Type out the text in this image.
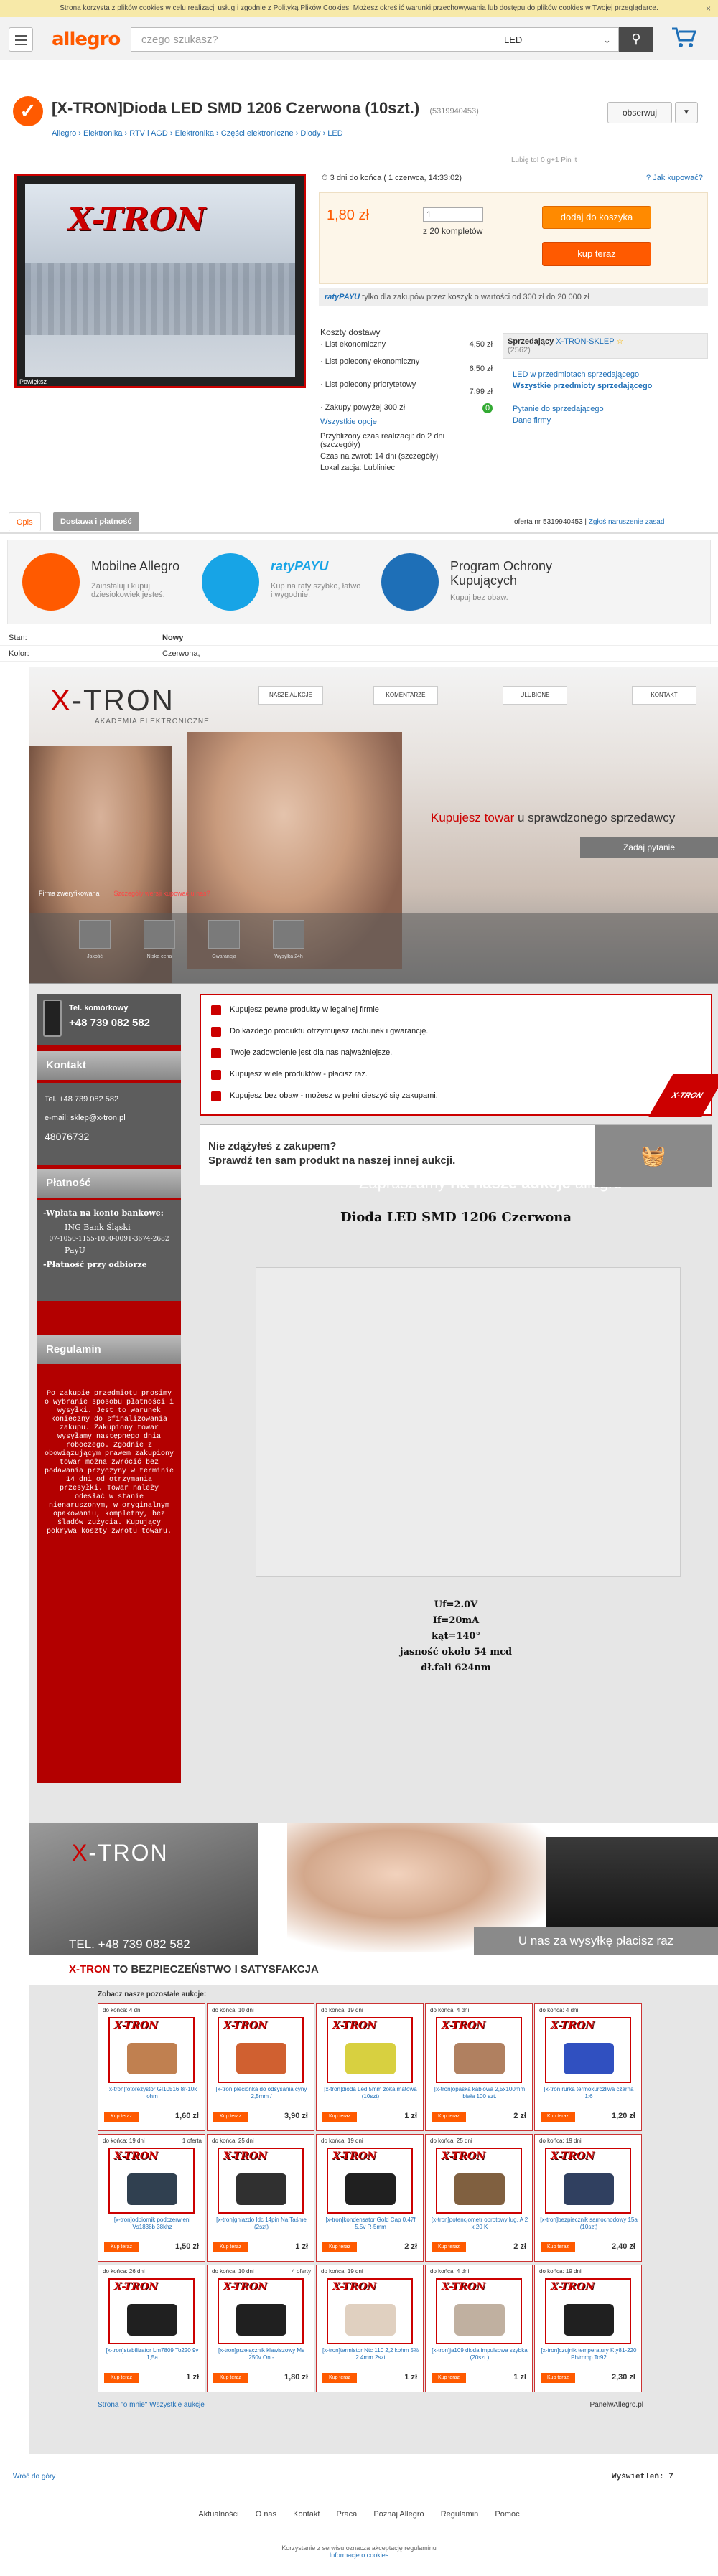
Strona korzysta z plików cookies w celu realizacji usług i zgodnie z Polityką Plików Cookies. Możesz określić warunki przechowywania lub dostępu do plików cookies w Twojej przeglądarce.	×
allegro	czego szukasz?	LED	⌄	⚲
✓ [X-TRON]Dioda LED SMD 1206 Czerwona (10szt.) (5319940453)
Allegro › Elektronika › RTV i AGD › Elektronika › Części elektroniczne › Diody › LED
obserwuj	▼
X-TRON
Powiększ
Lubię to! 0 g+1 Pin it
⏱ 3 dni do końca ( 1 czerwca, 14:33:02)	? Jak kupować?
1,80 zł	1
z 20 kompletów
dodaj do koszyka
kup teraz
ratyPAYU tylko dla zakupów przez koszyk o wartości od 300 zł do 20 000 zł
Koszty dostawy
· List ekonomiczny	4,50 zł
· List polecony ekonomiczny
6,50 zł
· List polecony priorytetowy
7,99 zł
· Zakupy powyżej 300 zł	0
Wszystkie opcje
Przybliżony czas realizacji: do 2 dni (szczegóły)
Czas na zwrot: 14 dni (szczegóły)
Lokalizacja: Lubliniec
Sprzedający X-TRON-SKLEP ☆
(2562)
LED w przedmiotach sprzedającego
Wszystkie przedmioty sprzedającego
Pytanie do sprzedającego
Dane firmy
Opis	Dostawa i płatność	oferta nr 5319940453 | Zgłoś naruszenie zasad
Mobilne Allegro
Zainstaluj i kupuj dziesiokowiek jesteś.
ratyPAYU
Kup na raty szybko, łatwo i wygodnie.
Program Ochrony Kupujących
Kupuj bez obaw.
Stan:	Nowy
Kolor:	Czerwona,
X-TRON
AKADEMIA ELEKTRONICZNE
NASZE AUKCJE	KOMENTARZE	ULUBIONE	KONTAKT
Kupujesz towar u sprawdzonego sprzedawcy
Zadaj pytanie
Firma zweryfikowana Szczegóły wersji kupować u nas?
Jakość	Niska cena	Gwarancja	Wysyłka 24h
Tel. komórkowy
+48 739 082 582
Kontakt
Tel. +48 739 082 582
e-mail: sklep@x-tron.pl
48076732
Płatność
-Wpłata na konto bankowe:
ING Bank Śląski
07-1050-1155-1000-0091-3674-2682
PayU
-Płatność przy odbiorze
Regulamin
Po zakupie przedmiotu prosimy o wybranie sposobu płatności i wysyłki. Jest to warunek konieczny do sfinalizowania zakupu. Zakupiony towar wysyłamy następnego dnia roboczego. Zgodnie z obowiązującym prawem zakupiony towar można zwrócić bez podawania przyczyny w terminie 14 dni od otrzymania przesyłki. Towar należy odesłać w stanie nienaruszonym, w oryginalnym opakowaniu, kompletny, bez śladów zużycia. Kupujący pokrywa koszty zwrotu towaru.
Kupujesz pewne produkty w legalnej firmie
Do każdego produktu otrzymujesz rachunek i gwarancję.
Twoje zadowolenie jest dla nas najważniejsze.
Kupujesz wiele produktów - płacisz raz.
Kupujesz bez obaw - możesz w pełni cieszyć się zakupami.	X-TRON
Nie zdążyłeś z zakupem?
Sprawdź ten sam produkt na naszej innej aukcji.	🧺
Dioda LED SMD 1206 Czerwona
Uf=2.0V
If=20mA
kąt=140°
jasność około 54 mcd
dł.fali 624nm
X-TRON
TEL. +48 739 082 582	U nas za wysyłkę płacisz raz
X-TRON TO BEZPIECZEŃSTWO I SATYSFAKCJA
Zobacz nasze pozostałe aukcje:
do końca: 4 dni
X-TRON
[x-tron]fotorezystor GI10516 8r-10k ohm
Kup teraz	1,60 zł
do końca: 10 dni
X-TRON
[x-tron]plecionka do odsysania cyny 2,5mm /
Kup teraz	3,90 zł
do końca: 19 dni
X-TRON
[x-tron]dioda Led 5mm żółta matowa (10szt)
Kup teraz	1 zł
do końca: 4 dni
X-TRON
[x-tron]opaska kablowa 2,5x100mm biała 100 szt.
Kup teraz	2 zł
do końca: 4 dni
X-TRON
[x-tron]rurka termokurczliwa czarna 1:6
Kup teraz	1,20 zł
do końca: 19 dni	1 oferta
X-TRON
[x-tron]odbiornik podczerwieni Vs1838b 38khz
Kup teraz	1,50 zł
do końca: 25 dni
X-TRON
[x-tron]gniazdo Idc 14pin Na Taśme (2szt)
Kup teraz	1 zł
do końca: 19 dni
X-TRON
[x-tron]kondensator Gold Cap 0.47f 5,5v R-5mm
Kup teraz	2 zł
do końca: 25 dni
X-TRON
[x-tron]potencjometr obrotowy lug. A 2 x 20 K
Kup teraz	2 zł
do końca: 19 dni
X-TRON
[x-tron]bezpiecznik samochodowy 15a (10szt)
Kup teraz	2,40 zł
do końca: 26 dni
X-TRON
[x-tron]stabilizator Lm7809 To220 9v 1,5a
Kup teraz	1 zł
do końca: 10 dni	4 oferty
X-TRON
[x-tron]przełącznik klawiszowy Ms 250v On -
Kup teraz	1,80 zł
do końca: 19 dni
X-TRON
[x-tron]termistor Ntc 110 2,2 kohm 5% 2.4mm 2szt
Kup teraz	1 zł
do końca: 4 dni
X-TRON
[x-tron]ja109 dioda impulsowa szybka (20szt.)
Kup teraz	1 zł
do końca: 19 dni
X-TRON
[x-tron]czujnik temperatury Kty81-220 Ph/rnmp To92
Kup teraz	2,30 zł
Strona "o mnie" Wszystkie aukcje	PanelwAllegro.pl
Wróć do góry	Wyświetleń: 7
Aktualności O nas Kontakt Praca Poznaj Allegro Regulamin Pomoc
Korzystanie z serwisu oznacza akceptację regulaminu
Informacje o cookies
